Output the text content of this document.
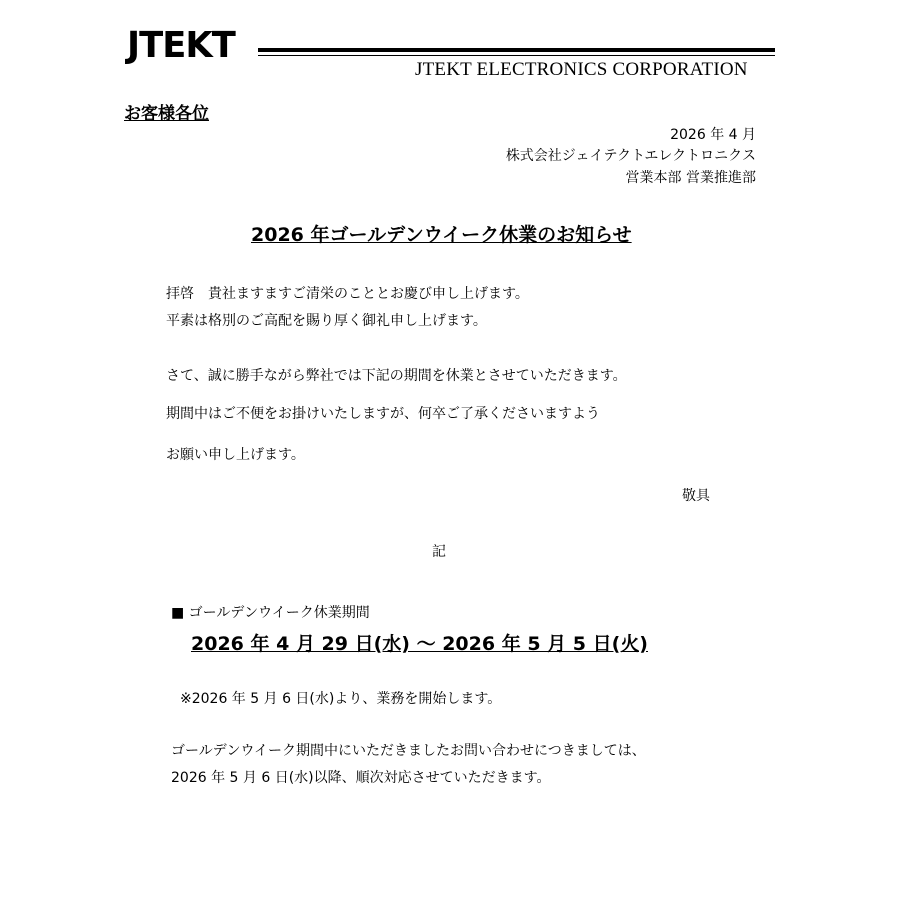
JTEKT
JTEKT ELECTRONICS CORPORATION
お客様各位
2026 年 4 月
株式会社ジェイテクトエレクトロニクス
営業本部 営業推進部
2026 年ゴールデンウイーク休業のお知らせ
拝啓　貴社ますますご清栄のこととお慶び申し上げます。
平素は格別のご高配を賜り厚く御礼申し上げます。
さて、誠に勝手ながら弊社では下記の期間を休業とさせていただきます。
期間中はご不便をお掛けいたしますが、何卒ご了承くださいますよう
お願い申し上げます。
敬具
記
■ ゴールデンウイーク休業期間
2026 年 4 月 29 日(水) ～ 2026 年 5 月 5 日(火)
※2026 年 5 月 6 日(水)より、業務を開始します。
ゴールデンウイーク期間中にいただきましたお問い合わせにつきましては、
2026 年 5 月 6 日(水)以降、順次対応させていただきます。
